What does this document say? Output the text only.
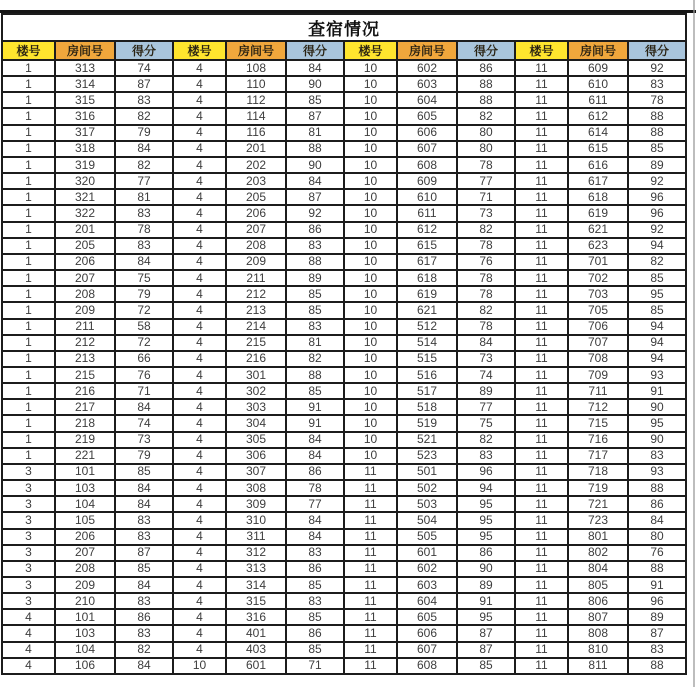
查宿情况											
楼号	房间号	得分	楼号	房间号	得分	楼号	房间号	得分	楼号	房间号	得分
1	313	74	4	108	84	10	602	86	11	609	92
1	314	87	4	110	90	10	603	88	11	610	83
1	315	83	4	112	85	10	604	88	11	611	78
1	316	82	4	114	87	10	605	82	11	612	88
1	317	79	4	116	81	10	606	80	11	614	88
1	318	84	4	201	88	10	607	80	11	615	85
1	319	82	4	202	90	10	608	78	11	616	89
1	320	77	4	203	84	10	609	77	11	617	92
1	321	81	4	205	87	10	610	71	11	618	96
1	322	83	4	206	92	10	611	73	11	619	96
1	201	78	4	207	86	10	612	82	11	621	92
1	205	83	4	208	83	10	615	78	11	623	94
1	206	84	4	209	88	10	617	76	11	701	82
1	207	75	4	211	89	10	618	78	11	702	85
1	208	79	4	212	85	10	619	78	11	703	95
1	209	72	4	213	85	10	621	82	11	705	85
1	211	58	4	214	83	10	512	78	11	706	94
1	212	72	4	215	81	10	514	84	11	707	94
1	213	66	4	216	82	10	515	73	11	708	94
1	215	76	4	301	88	10	516	74	11	709	93
1	216	71	4	302	85	10	517	89	11	711	91
1	217	84	4	303	91	10	518	77	11	712	90
1	218	74	4	304	91	10	519	75	11	715	95
1	219	73	4	305	84	10	521	82	11	716	90
1	221	79	4	306	84	10	523	83	11	717	83
3	101	85	4	307	86	11	501	96	11	718	93
3	103	84	4	308	78	11	502	94	11	719	88
3	104	84	4	309	77	11	503	95	11	721	86
3	105	83	4	310	84	11	504	95	11	723	84
3	206	83	4	311	84	11	505	95	11	801	80
3	207	87	4	312	83	11	601	86	11	802	76
3	208	85	4	313	86	11	602	90	11	804	88
3	209	84	4	314	85	11	603	89	11	805	91
3	210	83	4	315	83	11	604	91	11	806	96
4	101	86	4	316	85	11	605	95	11	807	89
4	103	83	4	401	86	11	606	87	11	808	87
4	104	82	4	403	85	11	607	87	11	810	83
4	106	84	10	601	71	11	608	85	11	811	88
